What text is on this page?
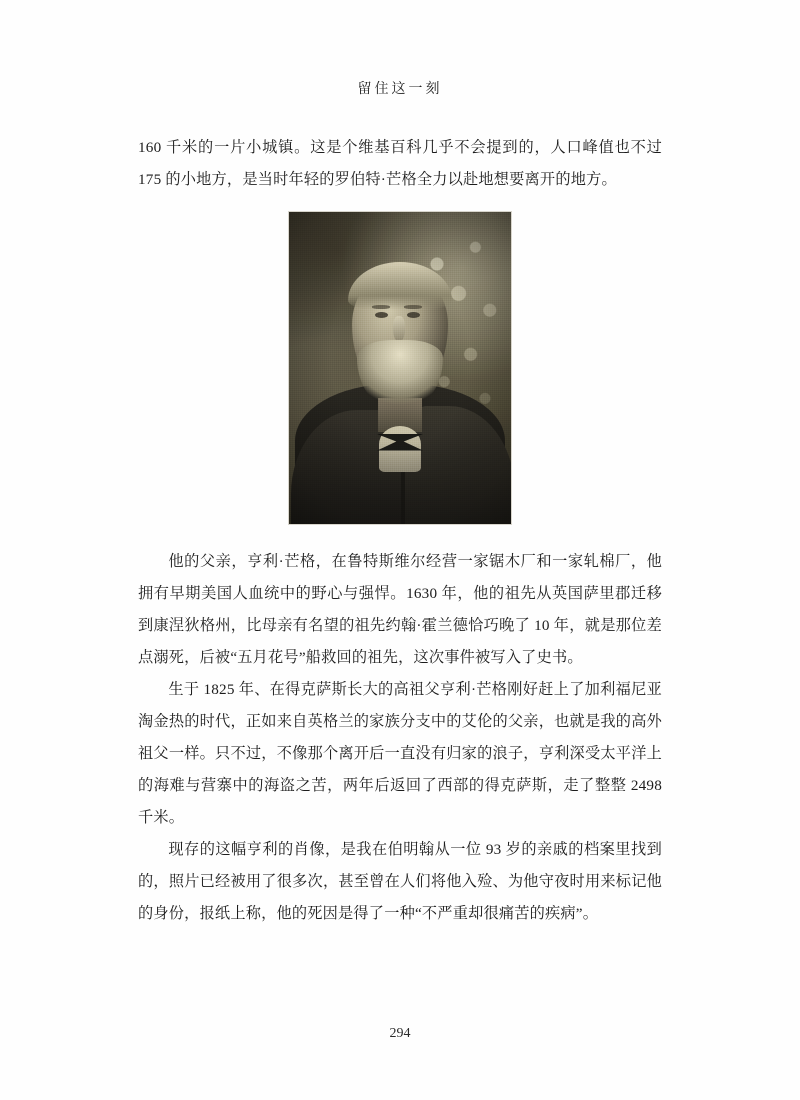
留住这一刻

160 千米的一片小城镇。这是个维基百科几乎不会提到的，人口峰值也不过 175 的小地方，是当时年轻的罗伯特·芒格全力以赴地想要离开的地方。

他的父亲，亨利·芒格，在鲁特斯维尔经营一家锯木厂和一家轧棉厂，他拥有早期美国人血统中的野心与强悍。1630 年，他的祖先从英国萨里郡迁移到康涅狄格州，比母亲有名望的祖先约翰·霍兰德恰巧晚了 10 年，就是那位差点溺死，后被“五月花号”船救回的祖先，这次事件被写入了史书。

生于 1825 年、在得克萨斯长大的高祖父亨利·芒格刚好赶上了加利福尼亚淘金热的时代，正如来自英格兰的家族分支中的艾伦的父亲，也就是我的高外祖父一样。只不过，不像那个离开后一直没有归家的浪子，亨利深受太平洋上的海难与营寨中的海盗之苦，两年后返回了西部的得克萨斯，走了整整 2498 千米。

现存的这幅亨利的肖像，是我在伯明翰从一位 93 岁的亲戚的档案里找到的，照片已经被用了很多次，甚至曾在人们将他入殓、为他守夜时用来标记他的身份，报纸上称，他的死因是得了一种“不严重却很痛苦的疾病”。

294
